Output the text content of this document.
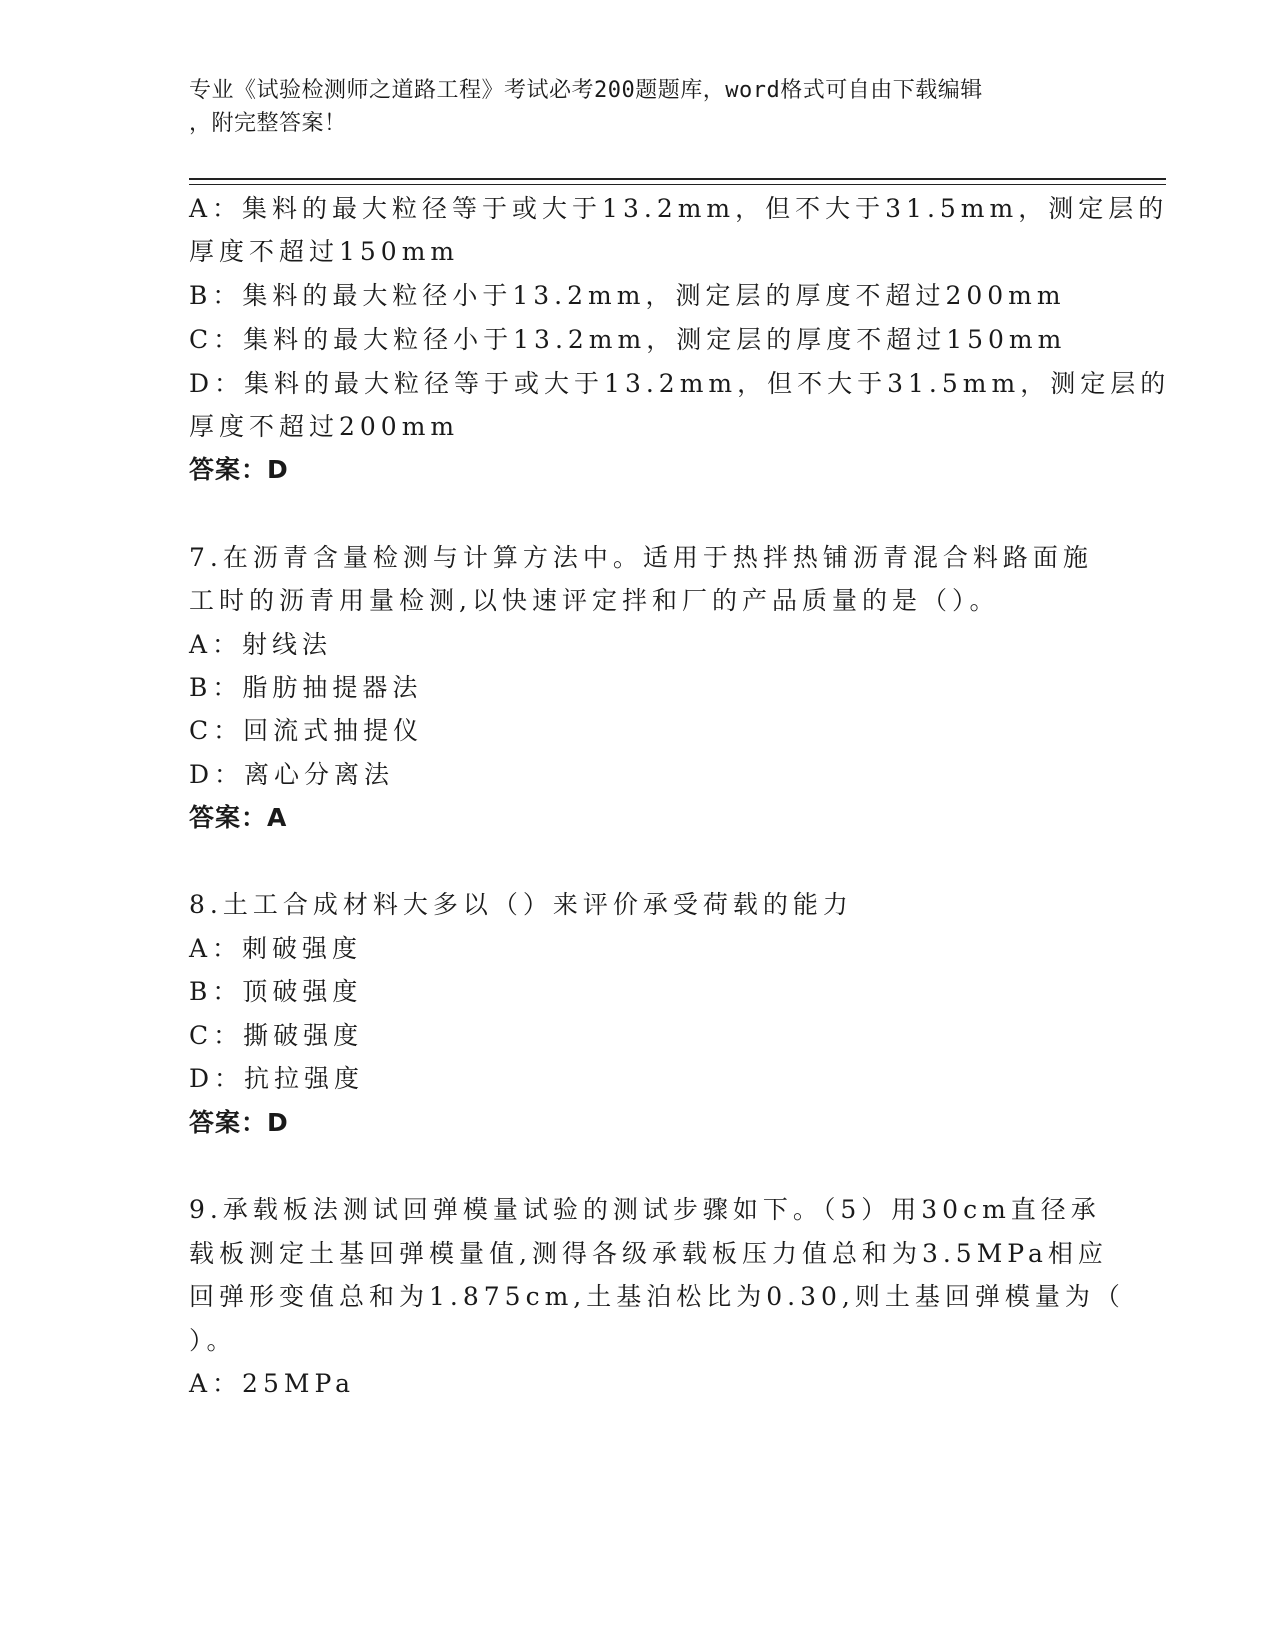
专业《试验检测师之道路工程》考试必考200题题库，word格式可自由下载编辑
，附完整答案！
A：集料的最大粒径等于或大于13.2mm，但不大于31.5mm，测定层的
厚度不超过150mm
B：集料的最大粒径小于13.2mm，测定层的厚度不超过200mm
C：集料的最大粒径小于13.2mm，测定层的厚度不超过150mm
D：集料的最大粒径等于或大于13.2mm，但不大于31.5mm，测定层的
厚度不超过200mm
答案：D
7.在沥青含量检测与计算方法中。适用于热拌热铺沥青混合料路面施
工时的沥青用量检测,以快速评定拌和厂的产品质量的是（）。
A：射线法
B：脂肪抽提器法
C：回流式抽提仪
D：离心分离法
答案：A
8.土工合成材料大多以（）来评价承受荷载的能力
A：刺破强度
B：顶破强度
C：撕破强度
D：抗拉强度
答案：D
9.承载板法测试回弹模量试验的测试步骤如下。（5）用30cm直径承
载板测定土基回弹模量值,测得各级承载板压力值总和为3.5MPa相应
回弹形变值总和为1.875cm,土基泊松比为0.30,则土基回弹模量为（
）。
A：25MPa
